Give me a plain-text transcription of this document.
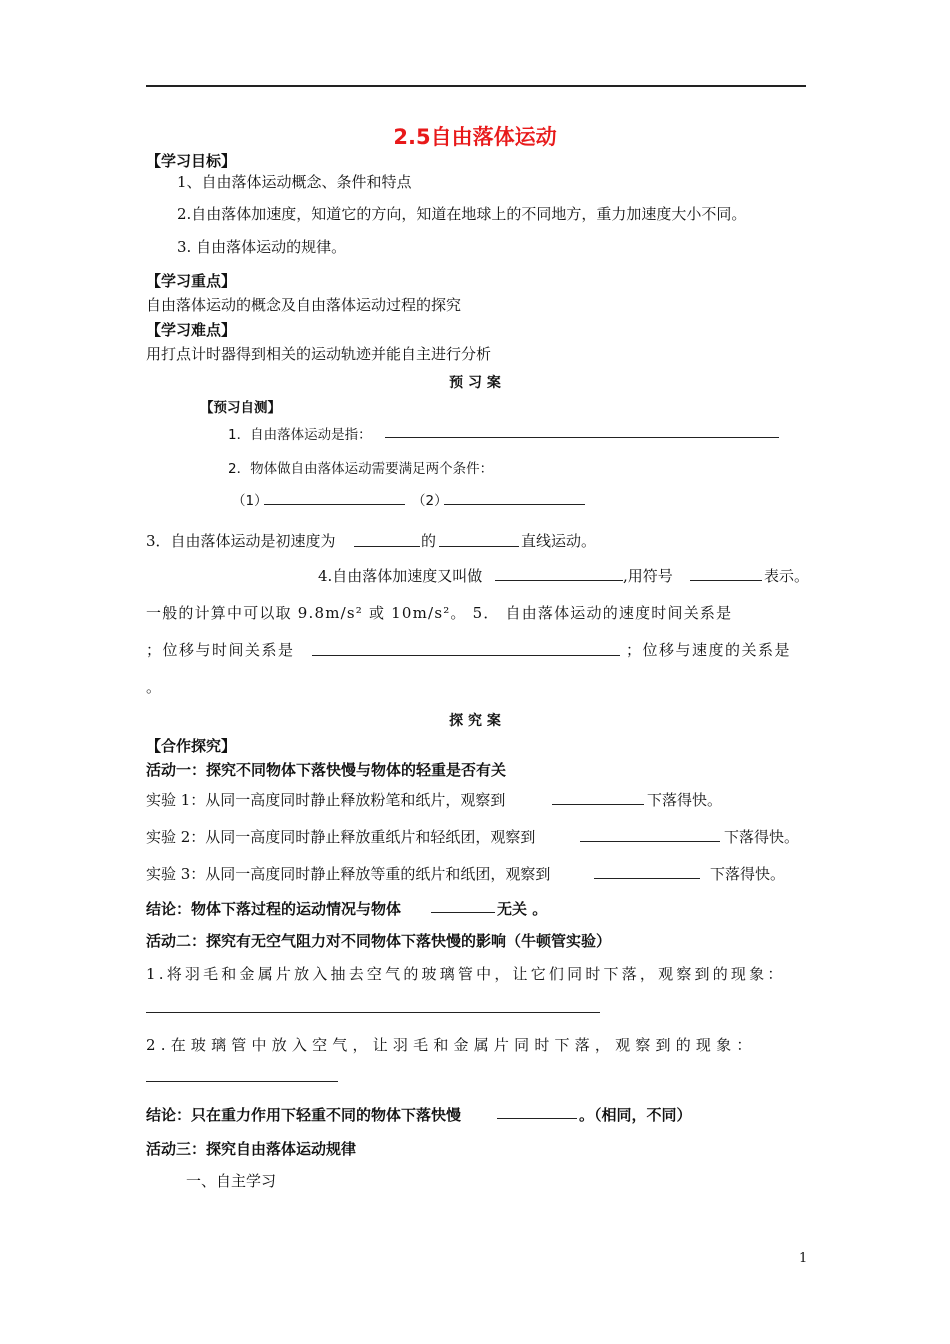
2.5自由落体运动
【学习目标】
1、自由落体运动概念、条件和特点
2.自由落体加速度，知道它的方向，知道在地球上的不同地方，重力加速度大小不同。
3. 自由落体运动的规律。
【学习重点】
自由落体运动的概念及自由落体运动过程的探究
【学习难点】
用打点计时器得到相关的运动轨迹并能自主进行分析
预 习 案
【预习自测】
1．自由落体运动是指：
2．物体做自由落体运动需要满足两个条件：
（1）	（2）
3．自由落体运动是初速度为	的	直线运动。
4.自由落体加速度又叫做	,用符号	表示。
一般的计算中可以取 9.8m/s² 或 10m/s²。 5． 自由落体运动的速度时间关系是
；位移与时间关系是	；位移与速度的关系是
。
探 究 案
【合作探究】
活动一：探究不同物体下落快慢与物体的轻重是否有关
实验 1：从同一高度同时静止释放粉笔和纸片，观察到	下落得快。
实验 2：从同一高度同时静止释放重纸片和轻纸团，观察到	下落得快。
实验 3：从同一高度同时静止释放等重的纸片和纸团，观察到	下落得快。
结论：物体下落过程的运动情况与物体	无关 。
活动二：探究有无空气阻力对不同物体下落快慢的影响（牛顿管实验）
1.将羽毛和金属片放入抽去空气的玻璃管中，让它们同时下落，观察到的现象：
2.在玻璃管中放入空气，让羽毛和金属片同时下落，观察到的现象：
结论：只在重力作用下轻重不同的物体下落快慢	。（相同，不同）
活动三：探究自由落体运动规律
一、自主学习
1
